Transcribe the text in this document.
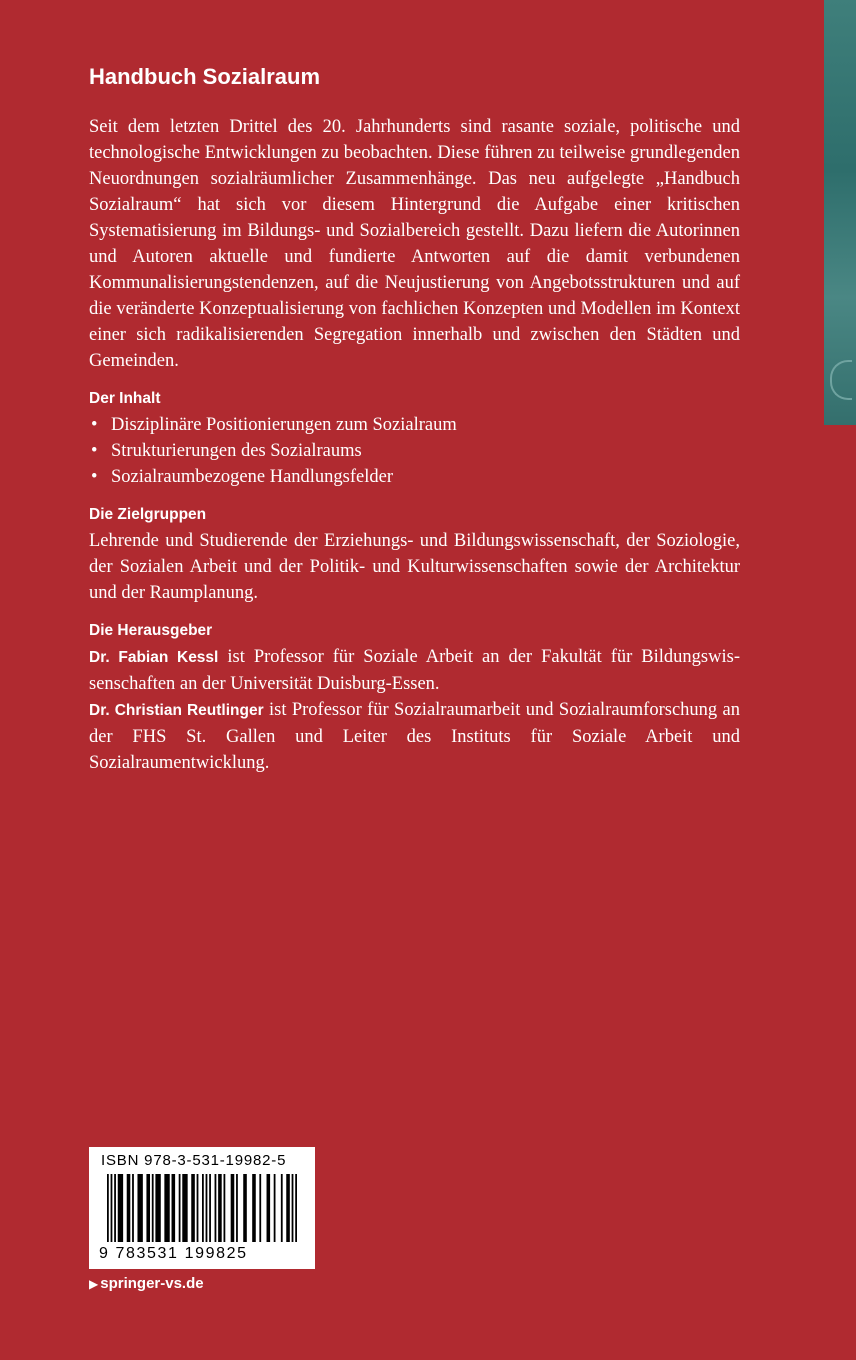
Handbuch Sozialraum

Seit dem letzten Drittel des 20. Jahrhunderts sind rasante soziale, politische und technologische Entwicklungen zu beobachten. Diese führen zu teilweise grundlegenden Neuordnungen sozialräumlicher Zusammenhänge. Das neu aufgelegte „Handbuch Sozialraum“ hat sich vor diesem Hintergrund die Aufgabe einer kritischen Systematisierung im Bildungs- und Sozialbereich gestellt. Dazu liefern die Autorinnen und Autoren aktuelle und fundierte Antworten auf die damit verbundenen Kommunalisierungstendenzen, auf die Neujustierung von Angebotsstrukturen und auf die veränderte Konzeptualisierung von fachlichen Konzepten und Modellen im Kontext einer sich radikalisierenden Segregation innerhalb und zwischen den Städten und Gemeinden.

Der Inhalt
• Disziplinäre Positionierungen zum Sozialraum
• Strukturierungen des Sozialraums
• Sozialraumbezogene Handlungsfelder
Die Zielgruppen

Lehrende und Studierende der Erziehungs- und Bildungswissenschaft, der Soziologie, der Sozialen Arbeit und der Politik- und Kulturwissenschaften sowie der Architektur und der Raumplanung.

Die Herausgeber

Dr. Fabian Kessl ist Professor für Soziale Arbeit an der Fakultät für Bildungswissenschaften an der Universität Duisburg-Essen.

Dr. Christian Reutlinger ist Professor für Sozialraumarbeit und Sozialraumforschung an der FHS St. Gallen und Leiter des Instituts für Soziale Arbeit und Sozialraumentwicklung.

ISBN 978-3-531-19982-5
9 783531 199825
▶ springer-vs.de
